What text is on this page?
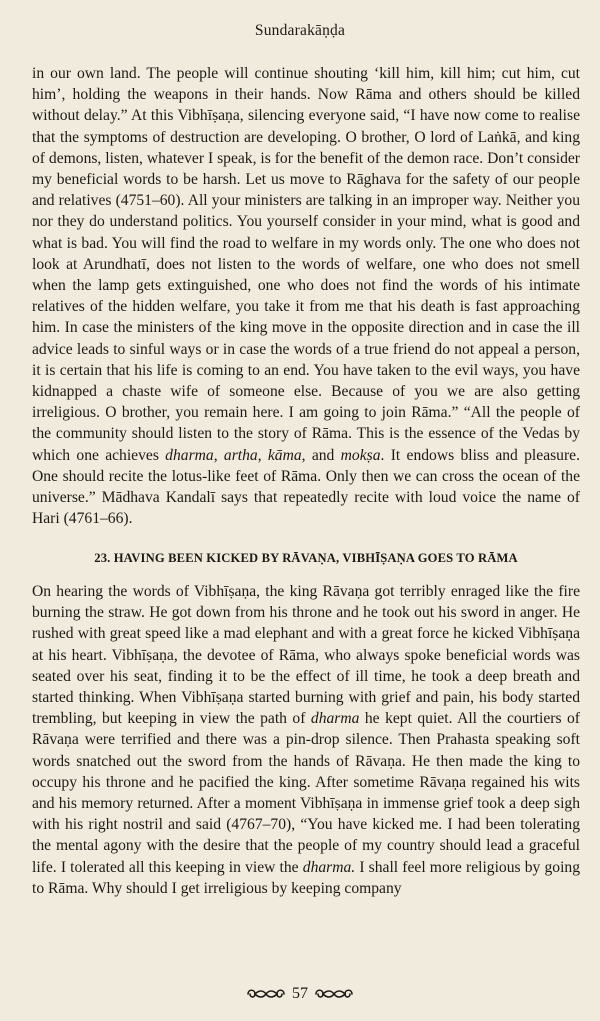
Sundarakāṇḍa

in our own land. The people will continue shouting ‘kill him, kill him; cut him, cut him’, holding the weapons in their hands. Now Rāma and others should be killed without delay.” At this Vibhīṣaṇa, silencing everyone said, “I have now come to realise that the symptoms of destruction are developing. O brother, O lord of Laṅkā, and king of demons, listen, whatever I speak, is for the benefit of the demon race. Don’t consider my beneficial words to be harsh. Let us move to Rāghava for the safety of our people and relatives (4751–60). All your ministers are talking in an improper way. Neither you nor they do understand politics. You yourself consider in your mind, what is good and what is bad. You will find the road to welfare in my words only. The one who does not look at Arundhatī, does not listen to the words of welfare, one who does not smell when the lamp gets extinguished, one who does not find the words of his intimate relatives of the hidden welfare, you take it from me that his death is fast approaching him. In case the ministers of the king move in the opposite direction and in case the ill advice leads to sinful ways or in case the words of a true friend do not appeal a person, it is certain that his life is coming to an end. You have taken to the evil ways, you have kidnapped a chaste wife of someone else. Because of you we are also getting irreligious. O brother, you remain here. I am going to join Rāma.” “All the people of the community should listen to the story of Rāma. This is the essence of the Vedas by which one achieves dharma, artha, kāma, and mokṣa. It endows bliss and pleasure. One should recite the lotus-like feet of Rāma. Only then we can cross the ocean of the universe.” Mādhava Kandalī says that repeatedly recite with loud voice the name of Hari (4761–66).

23. HAVING BEEN KICKED BY RĀVAṆA, VIBHĪṢAṆA GOES TO RĀMA

On hearing the words of Vibhīṣaṇa, the king Rāvaṇa got terribly enraged like the fire burning the straw. He got down from his throne and he took out his sword in anger. He rushed with great speed like a mad elephant and with a great force he kicked Vibhīṣaṇa at his heart. Vibhīṣaṇa, the devotee of Rāma, who always spoke beneficial words was seated over his seat, finding it to be the effect of ill time, he took a deep breath and started thinking. When Vibhīṣaṇa started burning with grief and pain, his body started trembling, but keeping in view the path of dharma he kept quiet. All the courtiers of Rāvaṇa were terrified and there was a pin-drop silence. Then Prahasta speaking soft words snatched out the sword from the hands of Rāvaṇa. He then made the king to occupy his throne and he pacified the king. After sometime Rāvaṇa regained his wits and his memory returned. After a moment Vibhīṣaṇa in immense grief took a deep sigh with his right nostril and said (4767–70), “You have kicked me. I had been tolerating the mental agony with the desire that the people of my country should lead a graceful life. I tolerated all this keeping in view the dharma. I shall feel more religious by going to Rāma. Why should I get irreligious by keeping company

57
